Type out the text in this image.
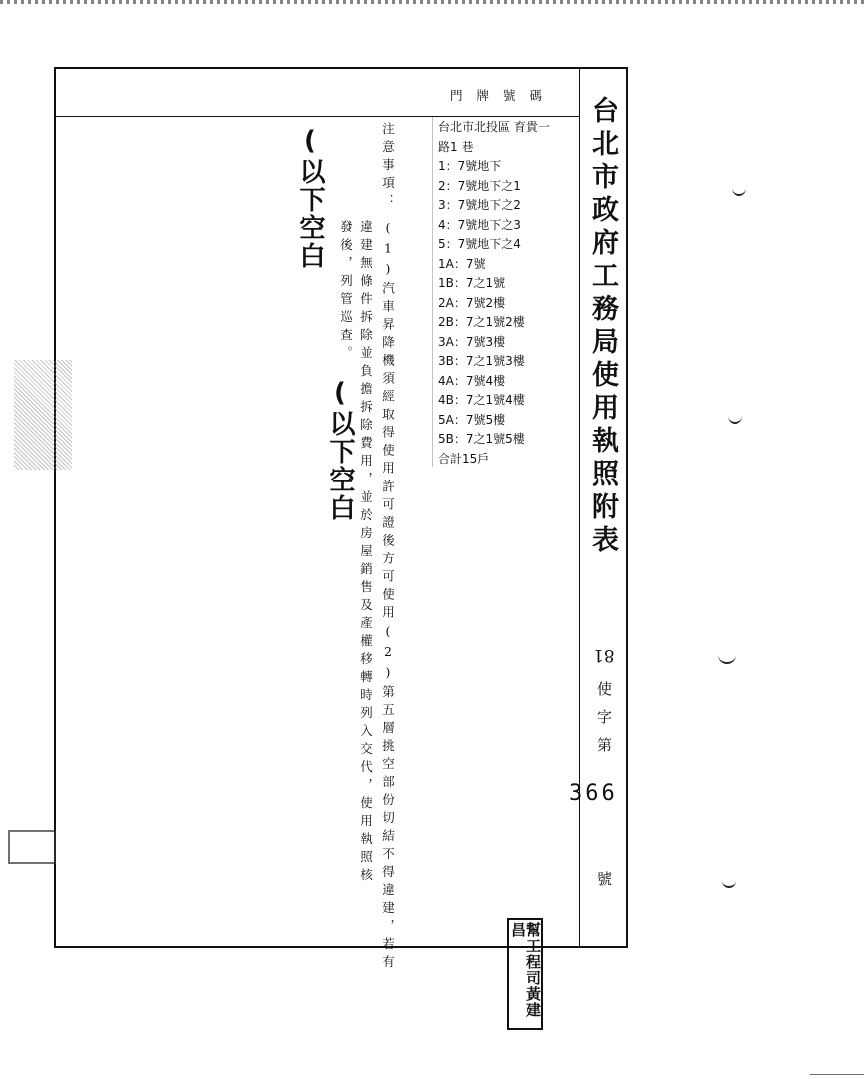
門牌號碼
台北市政府工務局使用執照附表
81
使
字
第
366
號
台北市北投區 育貴一
路1 巷
1：7號地下
2：7號地下之1
3：7號地下之2
4：7號地下之3
5：7號地下之4
1A：7號
1B：7之1號
2A：7號2樓
2B：7之1號2樓
3A：7號3樓
3B：7之1號3樓
4A：7號4樓
4B：7之1號4樓
5A：7號5樓
5B：7之1號5樓
合計15戶
注意事項：
(1)汽車昇降機須經取得使用許可證後方可使用(2)第五層挑空部份切結不得違建，若有
違建無條件拆除並負擔拆除費用，並於房屋銷售及產權移轉時列入交代，使用執照核
發後，列管巡查。
(以下空白
(以下空白
幫工程司黃建昌
